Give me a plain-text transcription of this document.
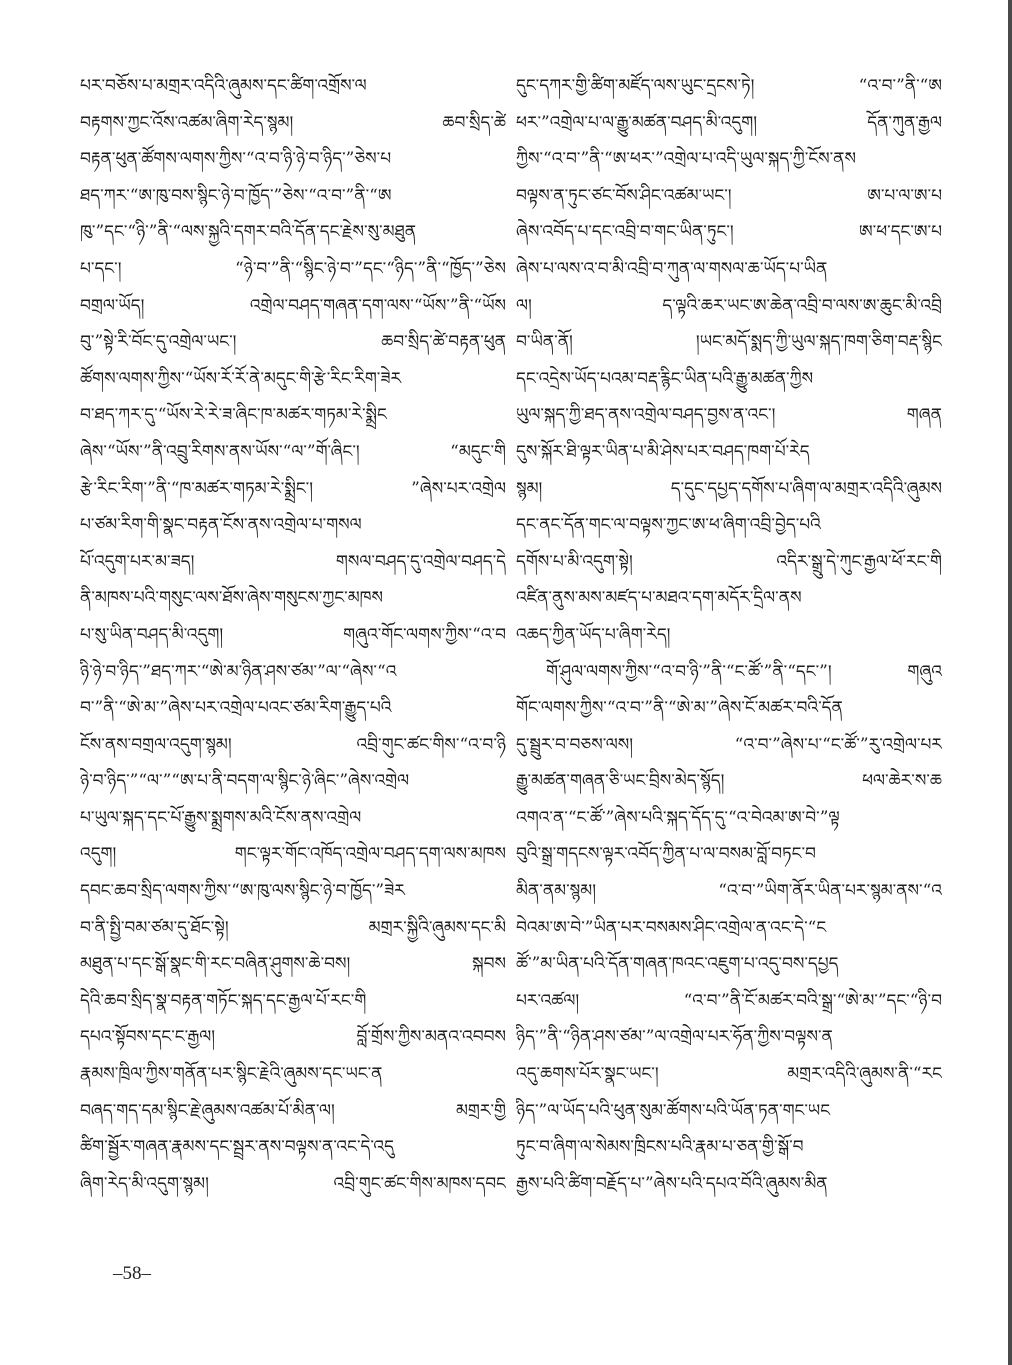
པར་བཅོས་པ་མགྲར་འདིའི་ཞུམས་དང་ཚིག་འགྲོས་ལ
བརྟགས་ཀྱང་འོས་འཚམ་ཞིག་རེད་སྙམ། ཆབ་སྲིད་ཚེ
བརྟན་ཕུན་ཚོགས་ལགས་ཀྱིས་“འ་བ་ཉི་ཉེ་བ་ཉིད་”ཅེས་པ
ཐད་ཀར་“ཨ་ཁུ་བས་སྙིང་ཉེ་བ་ཁྱོད་”ཅེས་“འ་བ་”ནི་“ཨ
ཁུ་”དང་“ཉི་”ནི་“ལས་སྐྱའི་དགར་བའི་དོན་དང་རྗེས་སུ་མཐུན
པ་དང་། “ཉེ་བ་”ནི་“སྙིང་ཉེ་བ་”དང་“ཉིད་”ནི་“ཁྱོད་”ཅེས
བགྲལ་ཡོད། འགྲེལ་བཤད་གཞན་དག་ལས་“ཡོས་”ནི་“ཡོས
བུ་”སྟེ་རི་བོང་དུ་འགྲེལ་ཡང་། ཆབ་སྲིད་ཚེ་བརྟན་ཕུན
ཚོགས་ལགས་ཀྱིས་“ཡོས་རོ་རོ་ནེ་མདུང་གི་རྩེ་རིང་རིག་ཟེར
བ་ཐད་ཀར་དུ་“ཡོས་རེ་རེ་ཟ་ཞིང་ཁ་མཚར་གཏམ་རེ་སྨྲིང
ཞེས་“ཡོས་”ནི་འབྲུ་རིགས་ནས་ཡོས་“ལ་”གོ་ཞིང་། “མདུང་གི
རྩེ་རིང་རིག་”ནི་“ཁ་མཚར་གཏམ་རེ་སྨྲིང་། ”ཞེས་པར་འགྲེལ
པ་ཙམ་རིག་གི་སྣང་བརྟན་ངོས་ནས་འགྲེལ་པ་གསལ
པོ་འདུག་པར་མ་ཟད། གསལ་བཤད་དུ་འགྲེལ་བཤད་དེ
ནི་མཁས་པའི་གསུང་ལས་ཐོས་ཞེས་གསུངས་ཀྱང་མཁས
པ་སུ་ཡིན་བཤད་མི་འདུག། གཞུའ་གོང་ལགས་ཀྱིས་“འ་བ
ཉི་ཉེ་བ་ཉིད་”ཐད་ཀར་“ཨེ་མ་ཉིན་ཤས་ཙམ་”ལ་“ཞེས་“འ
བ་”ནི་“ཨེ་མ་”ཞེས་པར་འགྲེལ་པའང་ཙམ་རིག་རྒྱུད་པའི
ངོས་ནས་བགྲལ་འདུག་སྙམ། འབྲི་གུང་ཚང་གིས་“འ་བ་ཉི
ཉེ་བ་ཉིད་”“ལ་”“ཨ་པ་ནི་བདག་ལ་སྙིང་ཉེ་ཞིང་”ཞེས་འགྲེལ
པ་ཡུལ་སྐད་དང་པོ་རྒྱུས་སྨྲགས་མའི་ངོས་ནས་འགྲེལ
འདུག། གང་ལྟར་གོང་འཁོད་འགྲེལ་བཤད་དག་ལས་མཁས
དབང་ཆབ་སྲིད་ལགས་ཀྱིས་“ཨ་ཁུ་ལས་སྙིང་ཉེ་བ་ཁྱོད་”ཟེར
བ་ནི་སྤྱི་བམ་ཙམ་དུ་ཐོང་སྟེ། མགྲར་སྐྱིའི་ཞུམས་དང་མི
མཐུན་པ་དང་སྒོ་སྣང་གི་རང་བཞིན་ཤུགས་ཆེ་བས། སྐབས
དེའི་ཆབ་སྲིད་སྣ་བརྟན་གཏོང་སྐད་དང་རྒྱལ་པོ་རང་གི
དཔའ་སྟོབས་དང་ང་རྒྱལ། བློ་གྲོས་ཀྱིས་མནའ་འབབས
རྣམས་ཁྲིལ་ཀྱིས་གནོན་པར་སྙིང་རྗེའི་ཞུམས་དང་ཡང་ན
བཞད་གད་དམ་སྙིང་རྗེ་ཞུམས་འཚམ་པོ་མིན་ལ། མགྲར་གྱི
ཚིག་སྦྱོར་གཞན་རྣམས་དང་སྦྲར་ནས་བལྟས་ན་འང་དེ་འདུ
ཞིག་རེད་མི་འདུག་སྙམ། འབྲི་གུང་ཚང་གིས་མཁས་དབང
དུང་དཀར་གྱི་ཚིག་མཛོད་ལས་ཡུང་དྲངས་ཏེ། “འ་བ་”ནི་“ཨ
ཕར་”འགྲེལ་པ་ལ་རྒྱུ་མཚན་བཤད་མི་འདུག། དོན་ཀུན་རྒྱལ
ཀྱིས་“འ་བ་”ནི་“ཨ་ཕར་”འགྲེལ་པ་འདི་ཡུལ་སྐད་ཀྱི་ངོས་ནས
བལྟས་ན་ཏུང་ཙང་བོས་ཤིང་འཚམ་ཡང་། ཨ་པ་ལ་ཨ་པ
ཞེས་འབོད་པ་དང་འབྲི་བ་གང་ཡིན་ཏུང་། ཨ་ཕ་དང་ཨ་པ
ཞེས་པ་ལས་འ་བ་མི་འབྲི་བ་ཀུན་ལ་གསལ་ཆ་ཡོད་པ་ཡིན
ལ། ད་ལྟའི་ཆར་ཡང་ཨ་ཆེན་འབྲི་བ་ལས་ཨ་ཆུང་མི་འབྲི
བ་ཡིན་ནོ། །ཡང་མདོ་སྨད་ཀྱི་ཡུལ་སྐད་ཁག་ཅིག་བརྡ་སྙིང
དང་འདྲེས་ཡོད་པའམ་བརྡ་རྙིང་ཡིན་པའི་རྒྱུ་མཚན་ཀྱིས
ཡུལ་སྐད་ཀྱི་ཐད་ནས་འགྲེལ་བཤད་བྱས་ན་འང་། གཞན
དུས་སྐོར་ཐི་ལྟར་ཡིན་པ་མི་ཤེས་པར་བཤད་ཁག་པོ་རེད
སྙམ། ད་དུང་དཔྱད་དགོས་པ་ཞིག་ལ་མགྲར་འདིའི་ཞུམས
དང་ནང་དོན་གང་ལ་བལྟས་ཀྱང་ཨ་ཕ་ཞིག་འབྲི་བྱེད་པའི
དགོས་པ་མི་འདུག་སྟེ། འདིར་སྒྲུ་དེ་ཀུང་རྒྱལ་ཕོ་རང་གི
འཛིན་ནུས་མས་མཛད་པ་མཐའ་དག་མདོར་དྲིལ་ནས
འཆད་ཀྱིན་ཡོད་པ་ཞིག་རེད།
གོ་ཤུལ་ལགས་ཀྱིས་“འ་བ་ཉི་”ནི་“ང་ཚོ་”ནི་“དང་”། གཞུའ
གོང་ལགས་ཀྱིས་“འ་བ་”ནི་“ཨེ་མ་”ཞེས་ངོ་མཚར་བའི་དོན
དུ་སྦྲུར་བ་བཅས་ལས། “འ་བ་”ཞེས་པ་“ང་ཚོ་”རུ་འགྲེལ་པར
རྒྱུ་མཚན་གཞན་ཅི་ཡང་བྲིས་མེད་སྙོད། ཕལ་ཆེར་ས་ཆ
འགའ་ན་“ང་ཚོ་”ཞེས་པའི་སྐད་དོད་དུ་“འ་བེའམ་ཨ་བེ་”ལྟ
བུའི་སྒྲ་གདངས་ལྟར་འབོད་ཀྱིན་པ་ལ་བསམ་བློ་བཏང་བ
མིན་ནམ་སྙམ། “འ་བ་”ཡིག་ནོར་ཡིན་པར་སྙམ་ནས་“འ
བེའམ་ཨ་བེ་”ཡིན་པར་བསམས་ཤིང་འགྲེལ་ན་འང་དེ་“ང
ཚོ་”མ་ཡིན་པའི་དོན་གཞན་ཁའང་འཇུག་པ་འདུ་བས་དཔྱད
པར་འཚལ། “འ་བ་”ནི་ངོ་མཚར་བའི་སྒྲ་“ཨེ་མ་”དང་“ཉི་བ
ཉིད་”ནི་“ཉིན་ཤས་ཙམ་”ལ་འགྲེལ་པར་ཧོན་ཀྱིས་བལྟས་ན
འདུ་ཆགས་པོར་སྣང་ཡང་། མགྲར་འདིའི་ཞུམས་ནི་“རང
ཉིད་”ལ་ཡོད་པའི་ཕུན་སུམ་ཚོགས་པའི་ཡོན་ཏན་གང་ཡང
ཏུང་བ་ཞིག་ལ་སེམས་ཁྲིངས་པའི་རྣམ་པ་ཅན་གྱི་སྒོ་བ
རྒྱས་པའི་ཚིག་བརྗོད་པ་”ཞེས་པའི་དཔའ་བོའི་ཞུམས་མིན
–58–
